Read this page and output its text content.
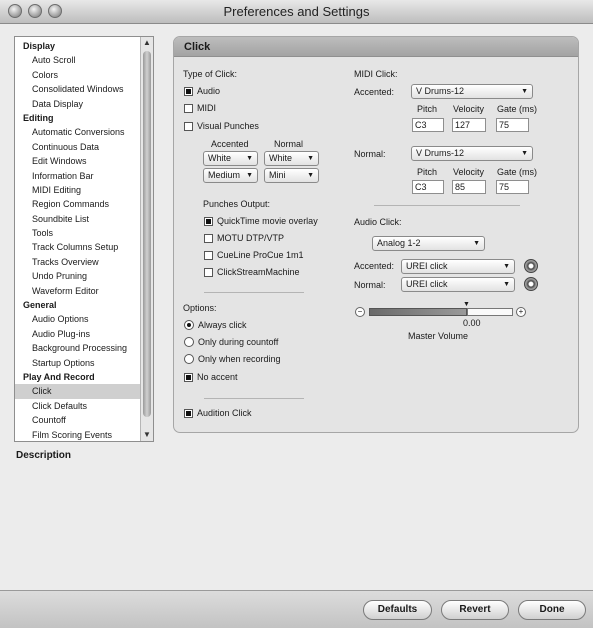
Preferences and Settings
Display
Auto Scroll
Colors
Consolidated Windows
Data Display
Editing
Automatic Conversions
Continuous Data
Edit Windows
Information Bar
MIDI Editing
Region Commands
Soundbite List
Tools
Track Columns Setup
Tracks Overview
Undo Pruning
Waveform Editor
General
Audio Options
Audio Plug-ins
Background Processing
Startup Options
Play And Record
Click
Click Defaults
Countoff
Film Scoring Events
▲
▼
Description
Click
Type of Click:
Audio
MIDI
Visual Punches
Accented	Normal
White ▼	White ▼
Medium ▼	Mini	▼
Punches Output:
QuickTime movie overlay
MOTU DTP/VTP
CueLine ProCue 1m1
ClickStreamMachine
Options:
Always click
Only during countoff
Only when recording
No accent
Audition Click
MIDI Click:
Accented:	V Drums-12	▼
Pitch Velocity Gate (ms)
C3	127	75
Normal:	V Drums-12	▼
Pitch Velocity Gate (ms)
C3	85	75
Audio Click:
Analog 1-2	▼
Accented:	UREI click	▼
Normal:	UREI click	▼
−
▼
+
0.00
Master Volume
Defaults	Revert	Done
